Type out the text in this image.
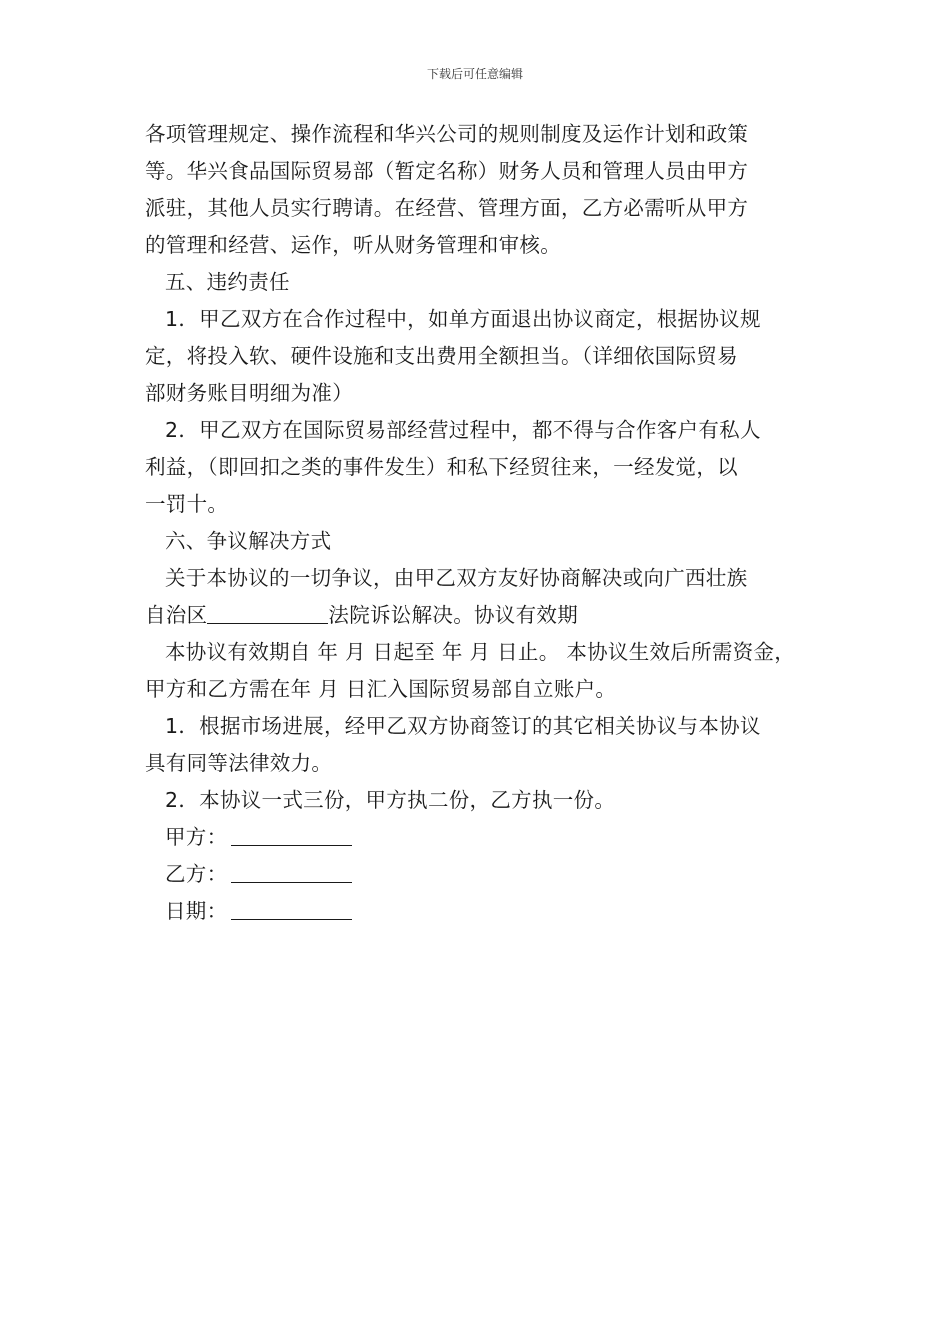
下载后可任意编辑
各项管理规定、操作流程和华兴公司的规则制度及运作计划和政策
等。华兴食品国际贸易部（暂定名称）财务人员和管理人员由甲方
派驻，其他人员实行聘请。在经营、管理方面，乙方必需听从甲方
的管理和经营、运作，听从财务管理和审核。
五、违约责任
1．甲乙双方在合作过程中，如单方面退出协议商定，根据协议规
定，将投入软、硬件设施和支出费用全额担当。（详细依国际贸易
部财务账目明细为准）
2．甲乙双方在国际贸易部经营过程中，都不得与合作客户有私人
利益，（即回扣之类的事件发生）和私下经贸往来，一经发觉，以
一罚十。
六、争议解决方式
关于本协议的一切争议，由甲乙双方友好协商解决或向广西壮族
自治区	法院诉讼解决。协议有效期
本协议有效期自 年 月 日起至 年 月 日止。 本协议生效后所需资金，
甲方和乙方需在年 月 日汇入国际贸易部自立账户。
1．根据市场进展，经甲乙双方协商签订的其它相关协议与本协议
具有同等法律效力。
2．本协议一式三份，甲方执二份，乙方执一份。
甲方：
乙方：
日期：
